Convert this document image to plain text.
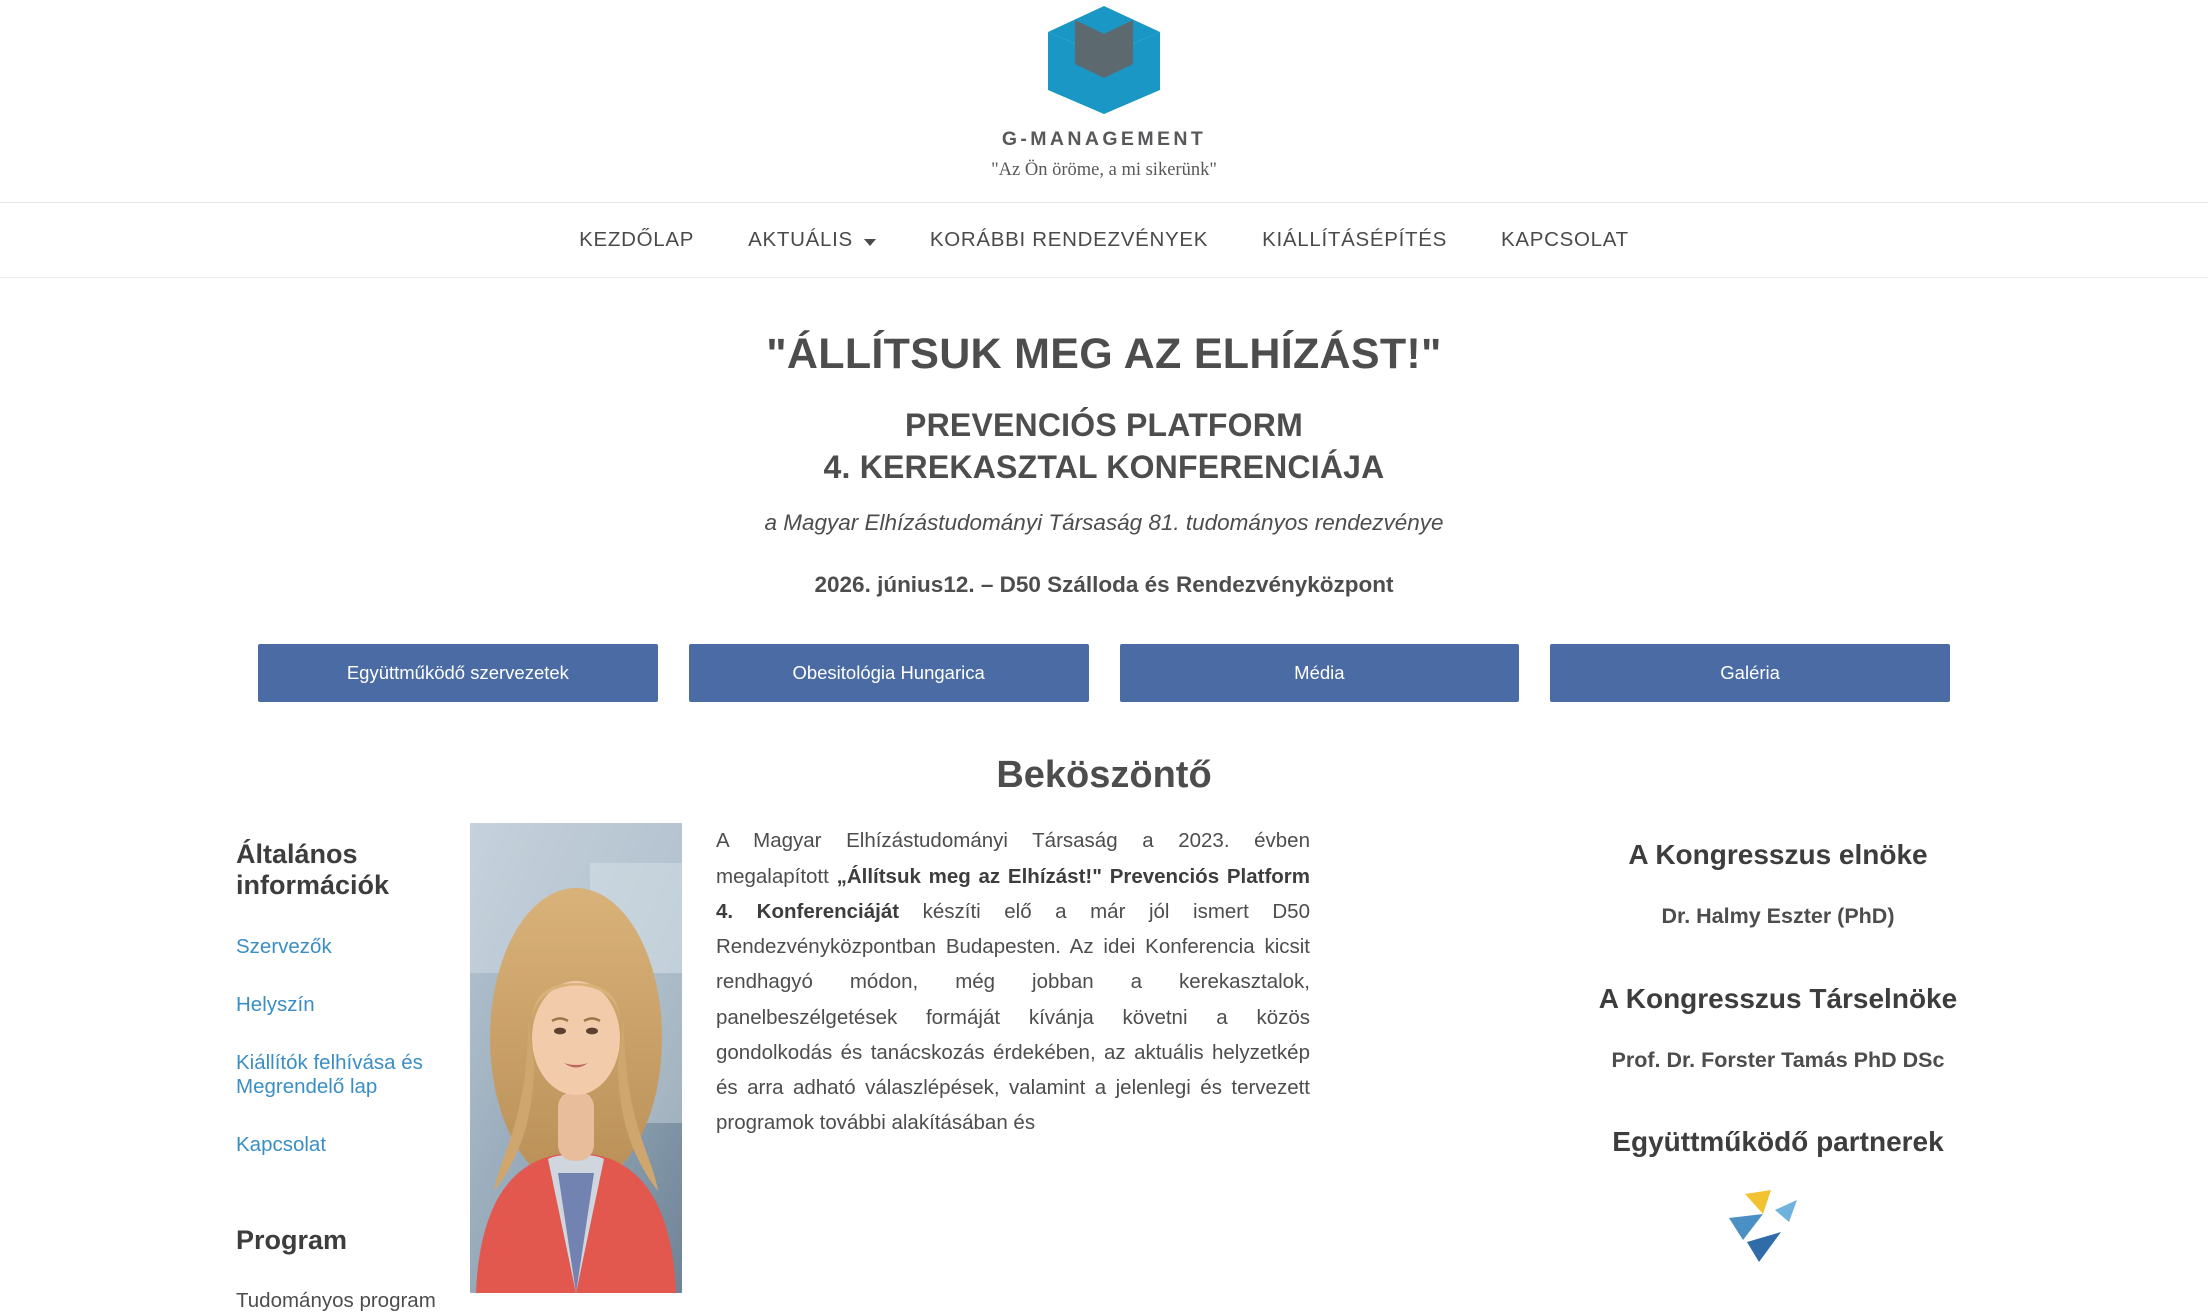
G-MANAGEMENT
"Az Ön öröme, a mi sikerünk"
KEZDŐLAP	AKTUÁLIS	KORÁBBI RENDEZVÉNYEK	KIÁLLÍTÁSÉPÍTÉS	KAPCSOLAT
"ÁLLÍTSUK MEG AZ ELHÍZÁST!"
PREVENCIÓS PLATFORM
4. KEREKASZTAL KONFERENCIÁJA
a Magyar Elhízástudományi Társaság 81. tudományos rendezvénye
2026. június12. – D50 Szálloda és Rendezvényközpont
Együttműködő szervezetek	Obesitológia Hungarica	Média	Galéria
Beköszöntő
Általános információk
Szervezők
Helyszín
Kiállítók felhívása és Megrendelő lap
Kapcsolat
Program
Tudományos program
A Magyar Elhízástudományi Társaság a 2023. évben megalapított „Állítsuk meg az Elhízást!" Prevenciós Platform 4. Konferenciáját készíti elő a már jól ismert D50 Rendezvényközpontban Budapesten. Az idei Konferencia kicsit rendhagyó módon, még jobban a kerekasztalok, panelbeszélgetések formáját kívánja követni a közös gondolkodás és tanácskozás érdekében, az aktuális helyzetkép és arra adható válaszlépések, valamint a jelenlegi és tervezett programok további alakításában és
A Kongresszus elnöke
Dr. Halmy Eszter (PhD)
A Kongresszus Társelnöke
Prof. Dr. Forster Tamás PhD DSc
Együttműködő partnerek
